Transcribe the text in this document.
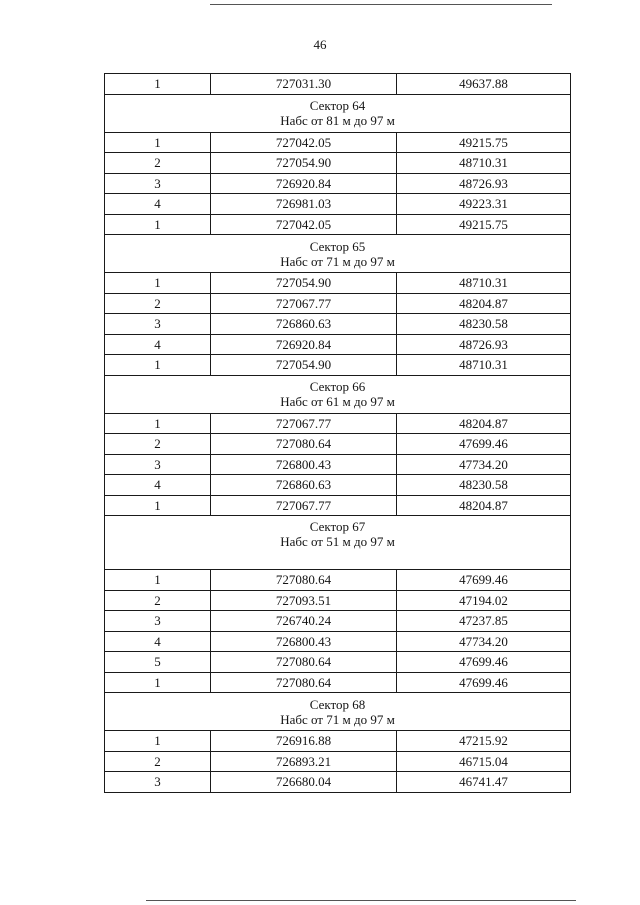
46
1	727031.30	49637.88

Сектор 64
Набс от 81 м до 97 м		

1	727042.05	49215.75
2	727054.90	48710.31
3	726920.84	48726.93
4	726981.03	49223.31
1	727042.05	49215.75

Сектор 65
Набс от 71 м до 97 м		

1	727054.90	48710.31
2	727067.77	48204.87
3	726860.63	48230.58
4	726920.84	48726.93
1	727054.90	48710.31

Сектор 66
Набс от 61 м до 97 м		

1	727067.77	48204.87
2	727080.64	47699.46
3	726800.43	47734.20
4	726860.63	48230.58
1	727067.77	48204.87

Сектор 67
Набс от 51 м до 97 м		

1	727080.64	47699.46
2	727093.51	47194.02
3	726740.24	47237.85
4	726800.43	47734.20
5	727080.64	47699.46
1	727080.64	47699.46

Сектор 68
Набс от 71 м до 97 м		

1	726916.88	47215.92
2	726893.21	46715.04
3	726680.04	46741.47
